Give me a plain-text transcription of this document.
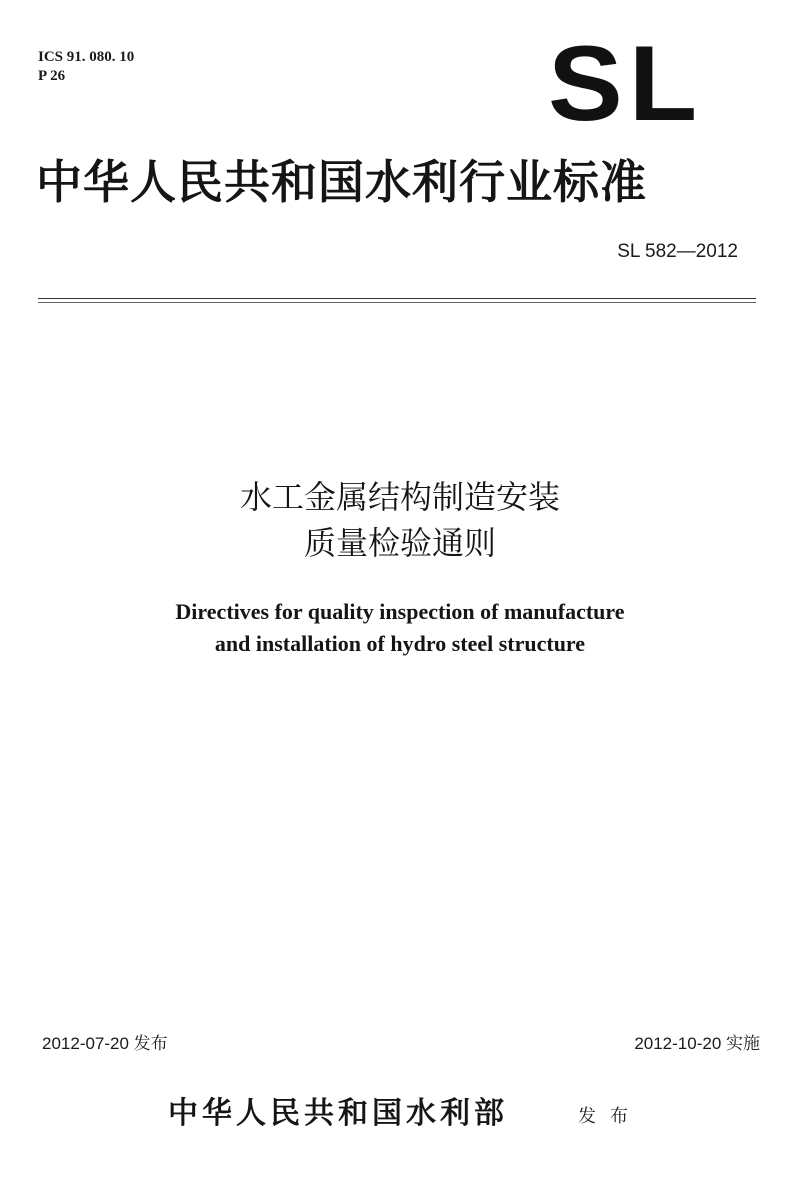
ICS 91. 080. 10
P 26	SL
中华人民共和国水利行业标准
SL 582—2012
水工金属结构制造安装
质量检验通则
Directives for quality inspection of manufacture
and installation of hydro steel structure
2012-07-20 发布	2012-10-20 实施
中华人民共和国水利部	发布
